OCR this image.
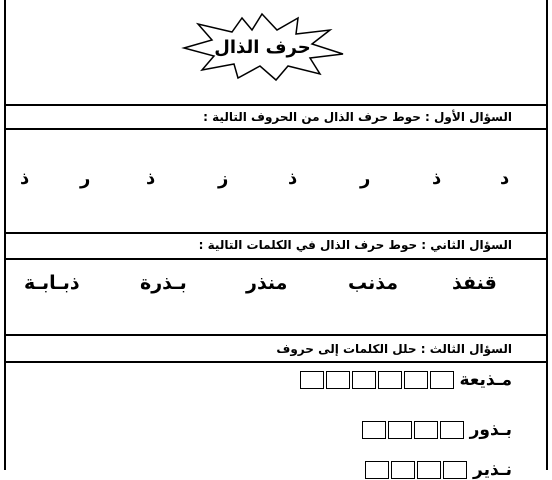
حرف الذال
السؤال الأول : حوط حرف الذال من الحروف التالية :
د
ذ
ر
ذ
ز
ذ
ر
ذ
السؤال الثاني : حوط حرف الذال في الكلمات التالية :
قنفذ
مذنب
منذر
بـذرة
ذبـابـة
السؤال الثالث : حلل الكلمات إلى حروف
مـذيعة
بـذور
نـذير
